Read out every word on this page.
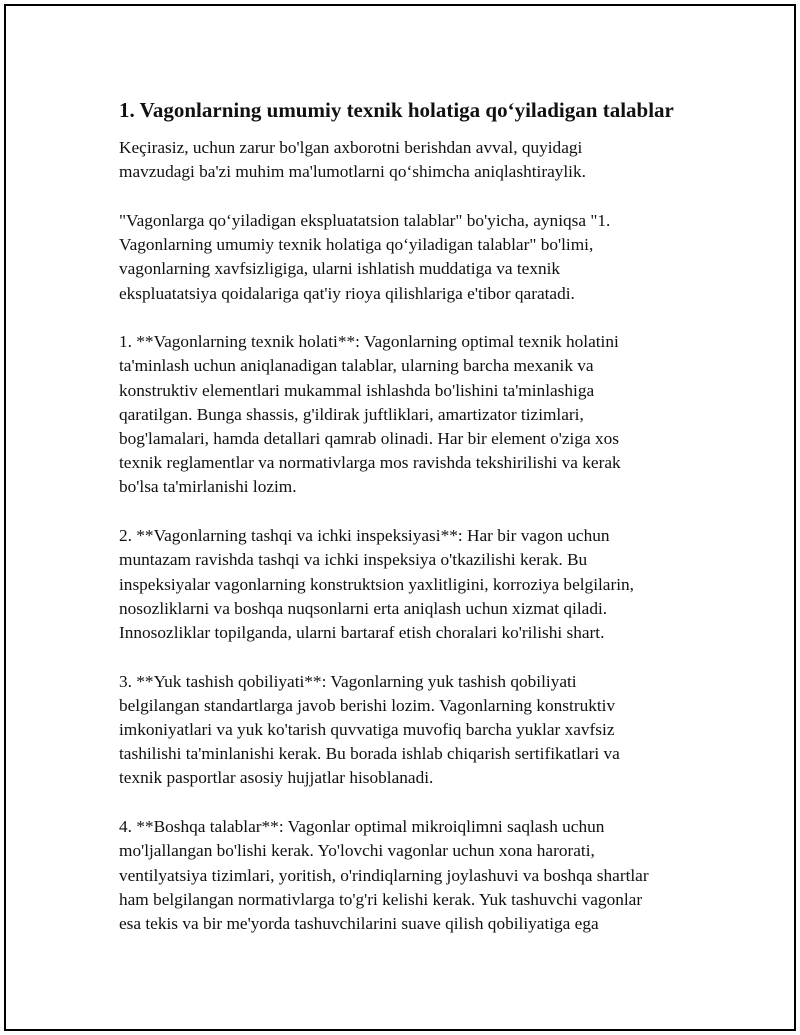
1. Vagonlarning umumiy texnik holatiga qo‘yiladigan talablar
Keçirasiz, uchun zarur bo'lgan axborotni berishdan avval, quyidagi
mavzudagi ba'zi muhim ma'lumotlarni qo‘shimcha aniqlashtiraylik.
"Vagonlarga qo‘yiladigan ekspluatatsion talablar" bo'yicha, ayniqsa "1.
Vagonlarning umumiy texnik holatiga qo‘yiladigan talablar" bo'limi,
vagonlarning xavfsizligiga, ularni ishlatish muddatiga va texnik
ekspluatatsiya qoidalariga qat'iy rioya qilishlariga e'tibor qaratadi.
1. **Vagonlarning texnik holati**: Vagonlarning optimal texnik holatini
ta'minlash uchun aniqlanadigan talablar, ularning barcha mexanik va
konstruktiv elementlari mukammal ishlashda bo'lishini ta'minlashiga
qaratilgan. Bunga shassis, g'ildirak juftliklari, amartizator tizimlari,
bog'lamalari, hamda detallari qamrab olinadi. Har bir element o'ziga xos
texnik reglamentlar va normativlarga mos ravishda tekshirilishi va kerak
bo'lsa ta'mirlanishi lozim.
2. **Vagonlarning tashqi va ichki inspeksiyasi**: Har bir vagon uchun
muntazam ravishda tashqi va ichki inspeksiya o'tkazilishi kerak. Bu
inspeksiyalar vagonlarning konstruktsion yaxlitligini, korroziya belgilarin,
nosozliklarni va boshqa nuqsonlarni erta aniqlash uchun xizmat qiladi.
Innosozliklar topilganda, ularni bartaraf etish choralari ko'rilishi shart.
3. **Yuk tashish qobiliyati**: Vagonlarning yuk tashish qobiliyati
belgilangan standartlarga javob berishi lozim. Vagonlarning konstruktiv
imkoniyatlari va yuk ko'tarish quvvatiga muvofiq barcha yuklar xavfsiz
tashilishi ta'minlanishi kerak. Bu borada ishlab chiqarish sertifikatlari va
texnik pasportlar asosiy hujjatlar hisoblanadi.
4. **Boshqa talablar**: Vagonlar optimal mikroiqlimni saqlash uchun
mo'ljallangan bo'lishi kerak. Yo'lovchi vagonlar uchun xona harorati,
ventilyatsiya tizimlari, yoritish, o'rindiqlarning joylashuvi va boshqa shartlar
ham belgilangan normativlarga to'g'ri kelishi kerak. Yuk tashuvchi vagonlar
esa tekis va bir me'yorda tashuvchilarini suave qilish qobiliyatiga ega
